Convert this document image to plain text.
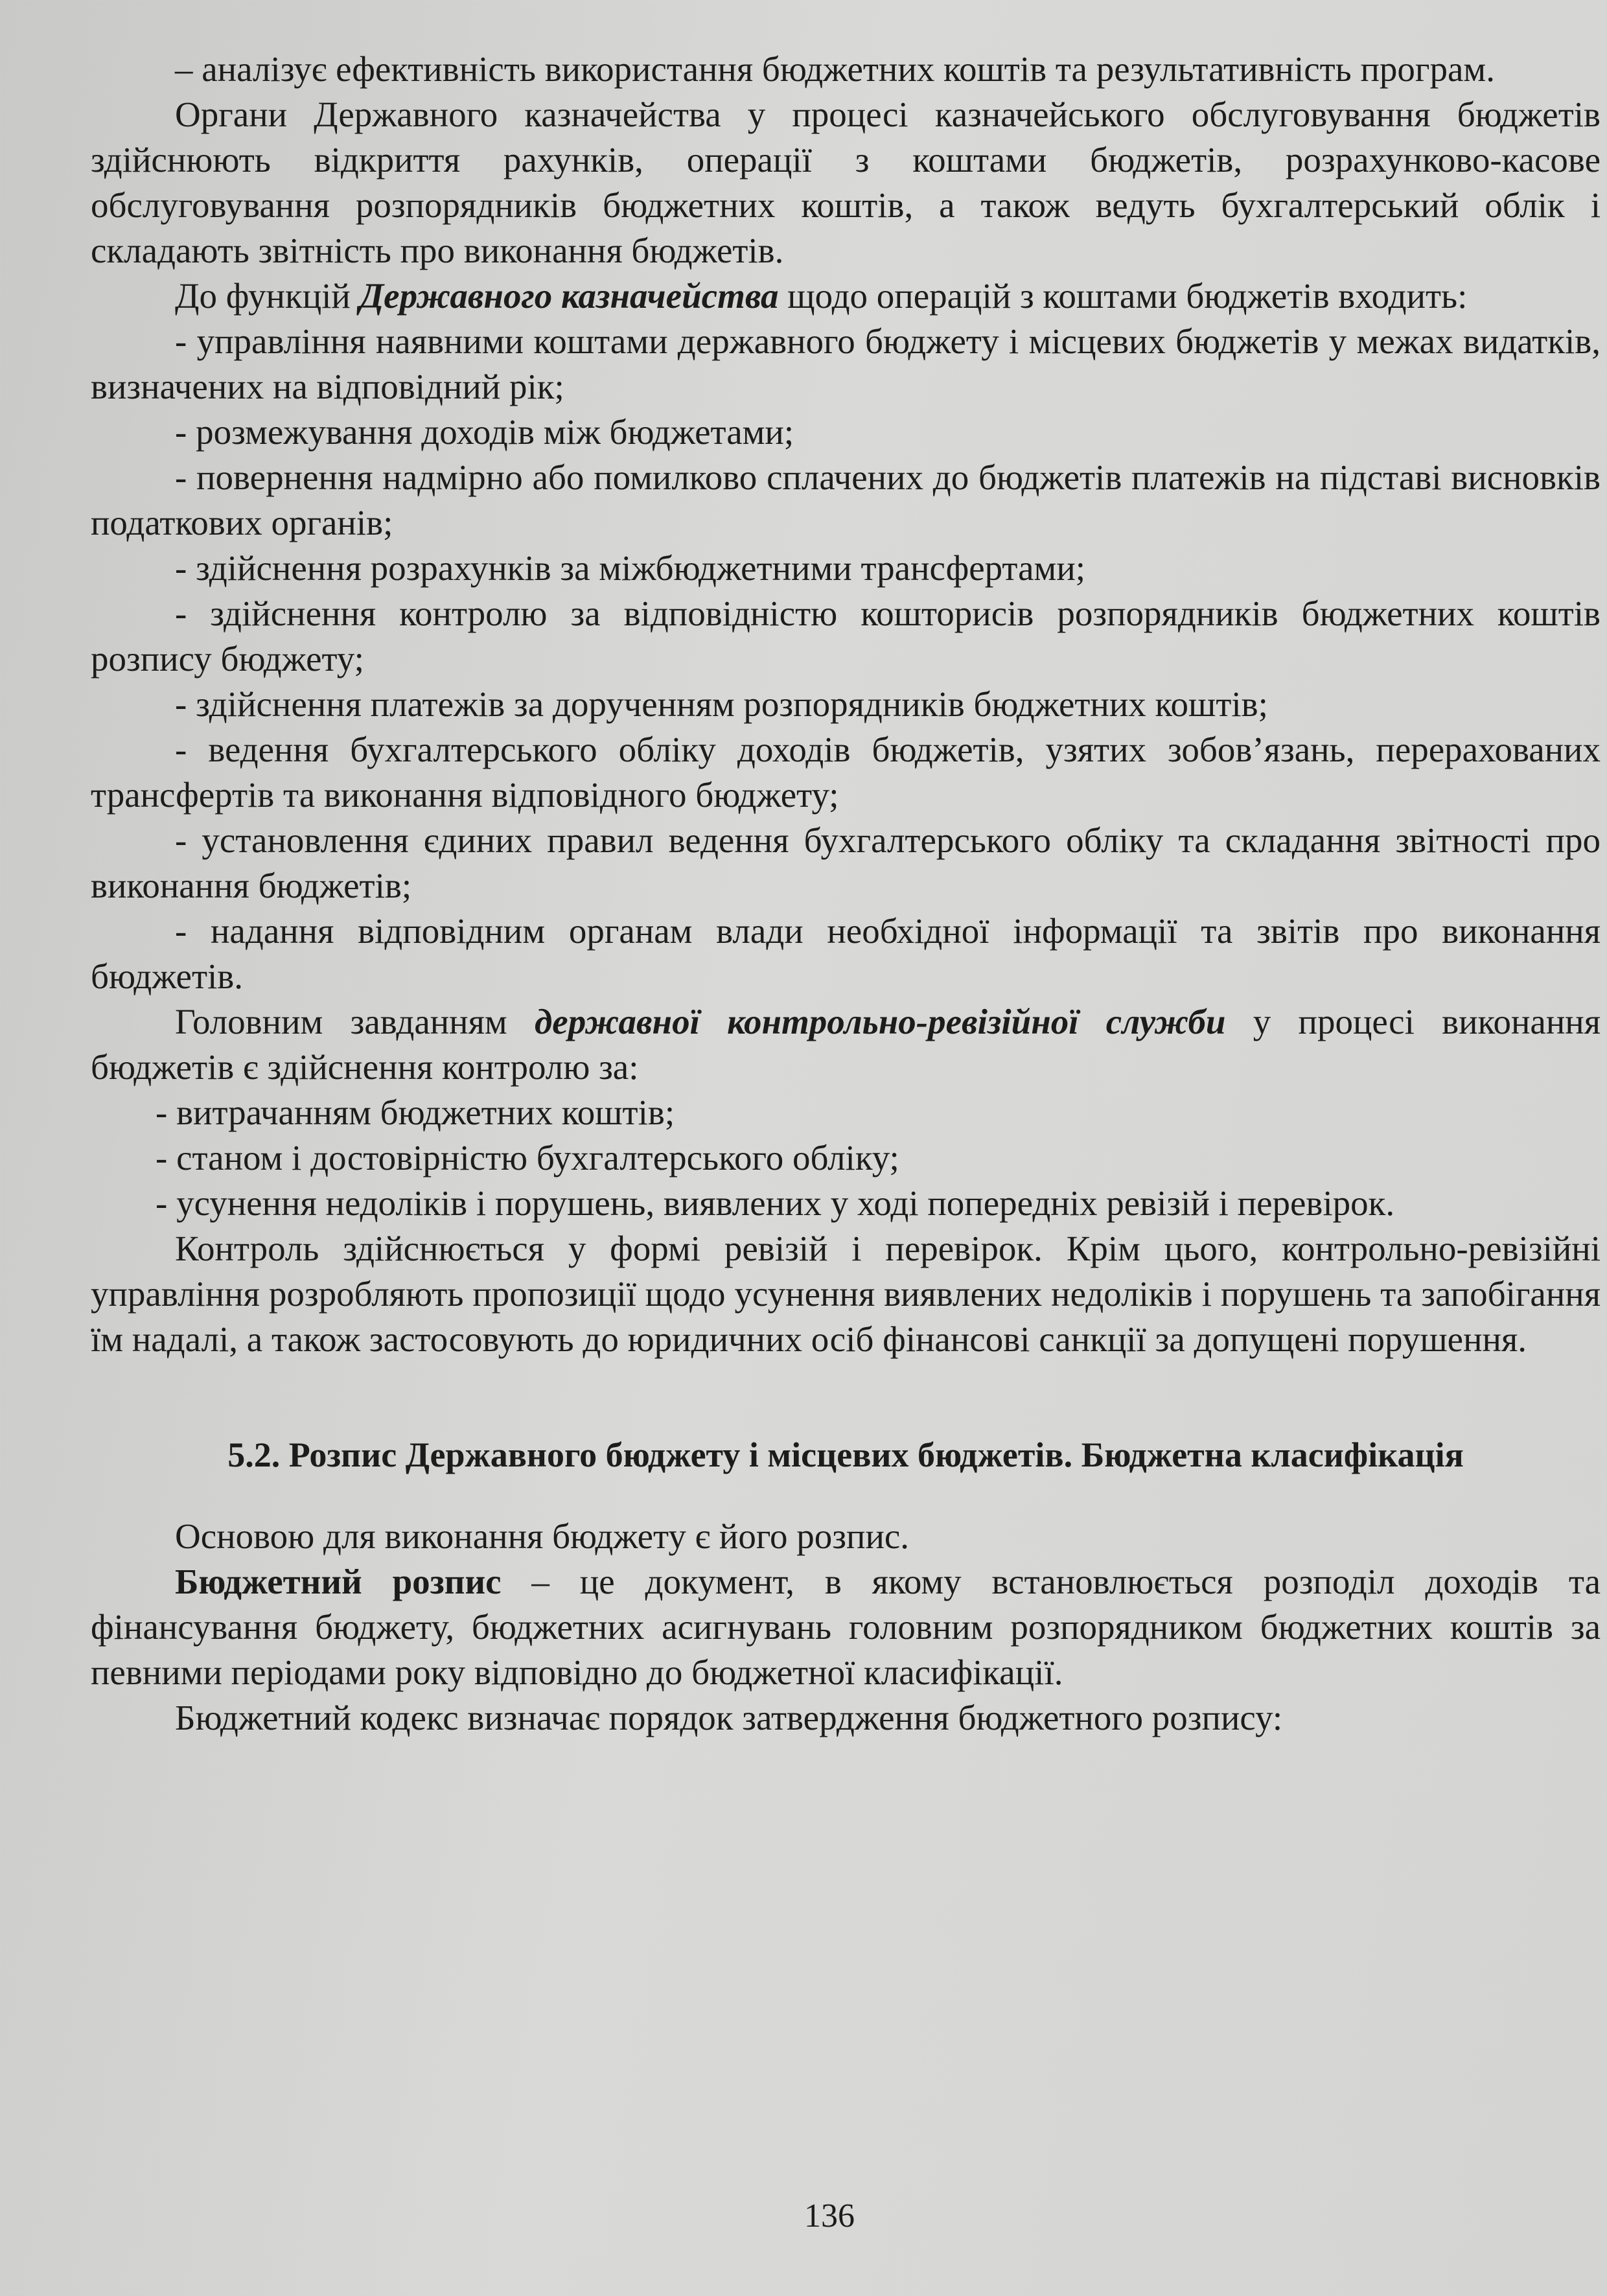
– аналізує ефективність використання бюджетних коштів та результативність програм.

Органи Державного казначейства у процесі казначейського обслуговування бюджетів здійснюють відкриття рахунків, операції з коштами бюджетів, розрахунково-касове обслуговування розпорядників бюджетних коштів, а також ведуть бухгалтерський облік і складають звітність про виконання бюджетів.

До функцій Державного казначейства щодо операцій з коштами бюджетів входить:

- управління наявними коштами державного бюджету і місцевих бюджетів у межах видатків, визначених на відповідний рік;

- розмежування доходів між бюджетами;

- повернення надмірно або помилково сплачених до бюджетів платежів на підставі висновків податкових органів;

- здійснення розрахунків за міжбюджетними трансфертами;

- здійснення контролю за відповідністю кошторисів розпорядників бюджетних коштів розпису бюджету;

- здійснення платежів за дорученням розпорядників бюджетних коштів;

- ведення бухгалтерського обліку доходів бюджетів, узятих зобов’язань, перерахованих трансфертів та виконання відповідного бюджету;

- установлення єдиних правил ведення бухгалтерського обліку та складання звітності про виконання бюджетів;

- надання відповідним органам влади необхідної інформації та звітів про виконання бюджетів.

Головним завданням державної контрольно-ревізійної служби у процесі виконання бюджетів є здійснення контролю за:

- витрачанням бюджетних коштів;

- станом і достовірністю бухгалтерського обліку;

- усунення недоліків і порушень, виявлених у ході попередніх ревізій і перевірок.

Контроль здійснюється у формі ревізій і перевірок. Крім цього, контрольно-ревізійні управління розробляють пропозиції щодо усунення виявлених недоліків і порушень та запобігання їм надалі, а також застосовують до юридичних осіб фінансові санкції за допущені порушення.

5.2. Розпис Державного бюджету і місцевих бюджетів. Бюджетна класифікація

Основою для виконання бюджету є його розпис.

Бюджетний розпис – це документ, в якому встановлюється розподіл доходів та фінансування бюджету, бюджетних асигнувань головним розпорядником бюджетних коштів за певними періодами року відповідно до бюджетної класифікації.

Бюджетний кодекс визначає порядок затвердження бюджетного розпису:

136
